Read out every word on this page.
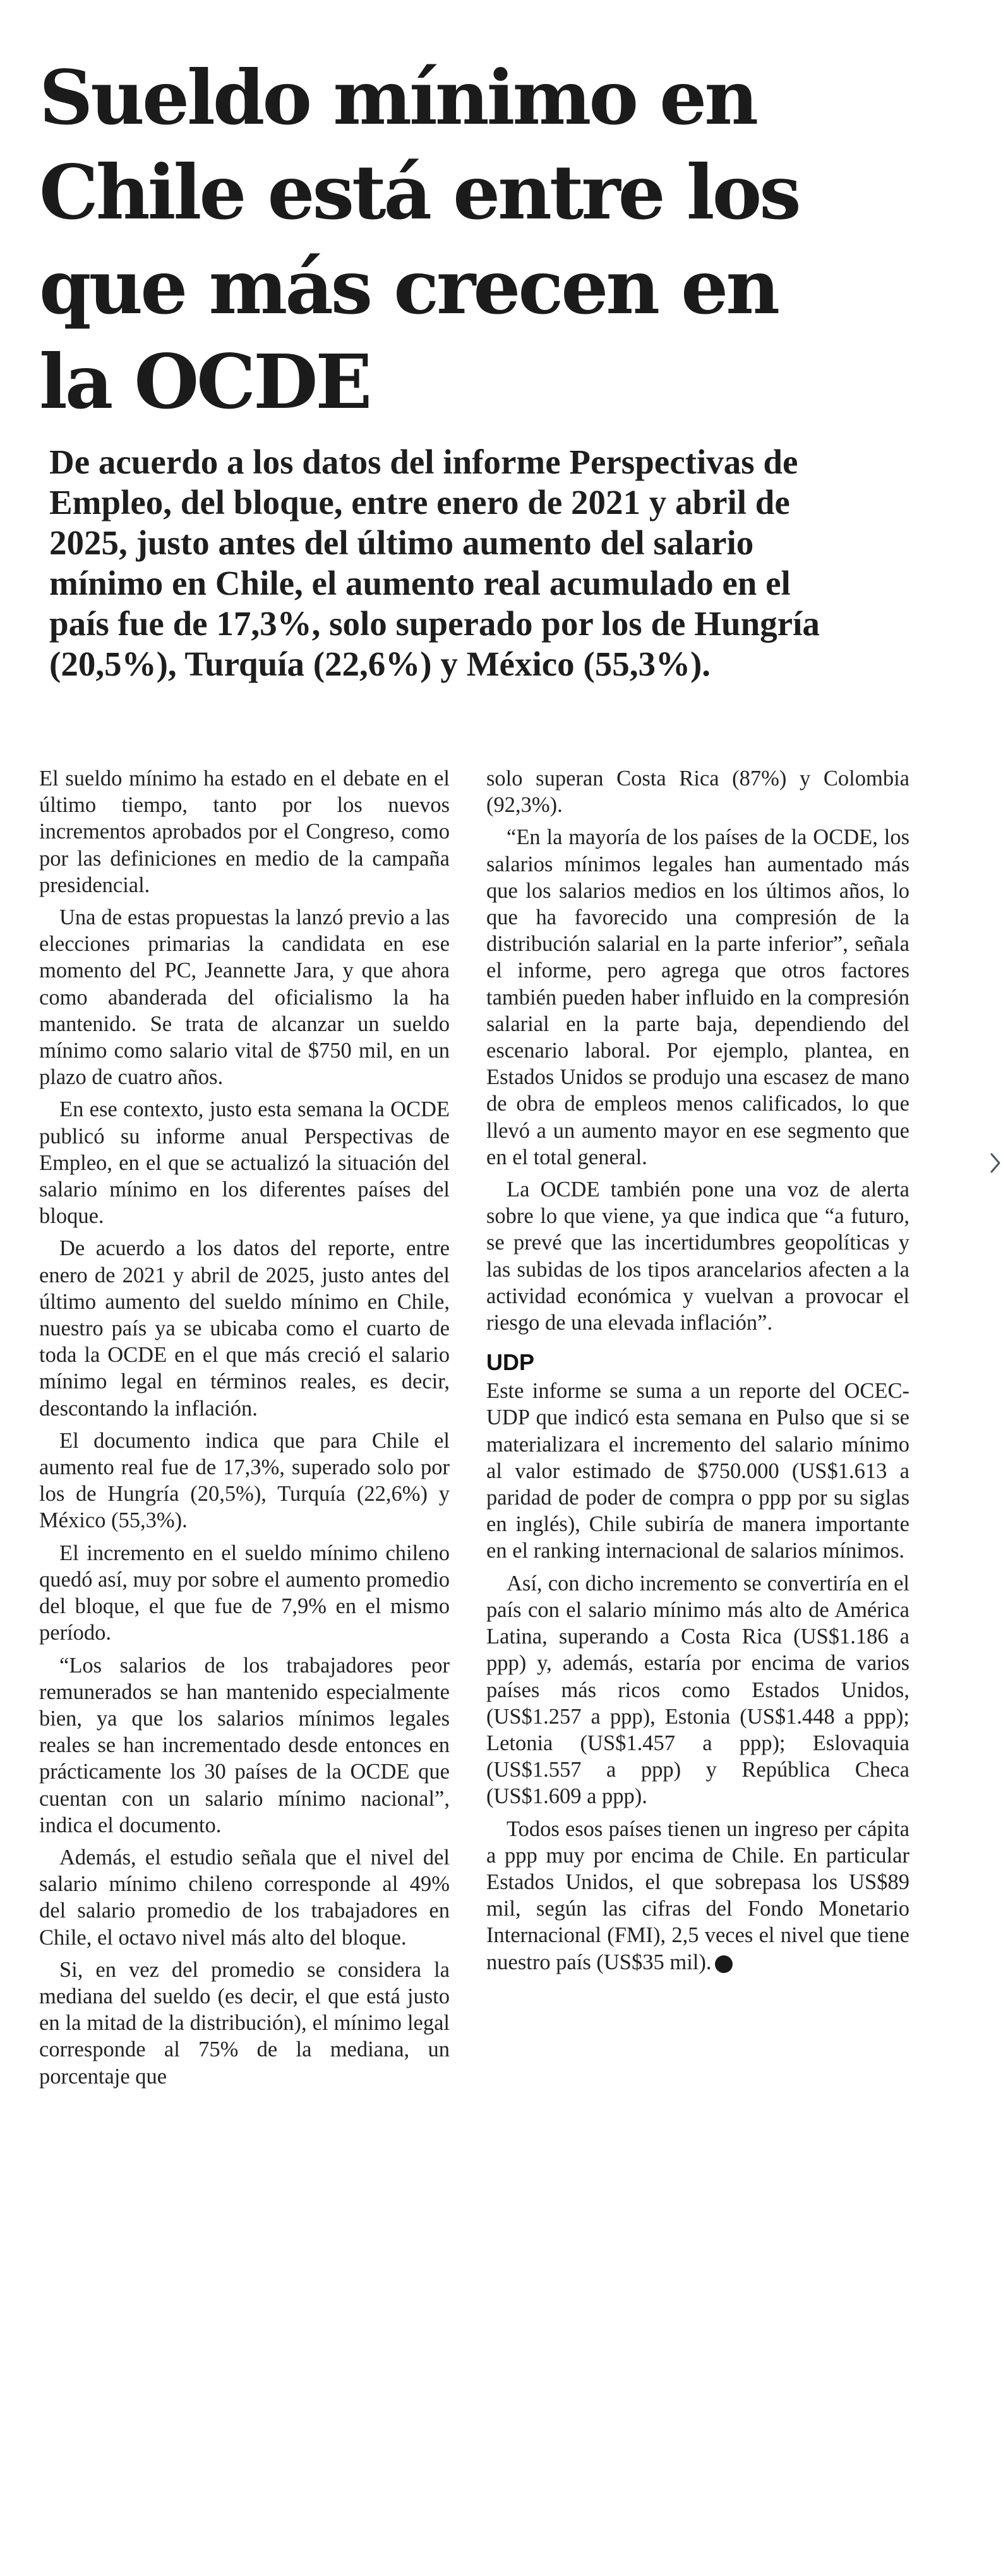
Sueldo mínimo en
Chile está entre los
que más crecen en
la OCDE

De acuerdo a los datos del informe Perspectivas de
Empleo, del bloque, entre enero de 2021 y abril de
2025, justo antes del último aumento del salario
mínimo en Chile, el aumento real acumulado en el
país fue de 17,3%, solo superado por los de Hungría
(20,5%), Turquía (22,6%) y México (55,3%).

El sueldo mínimo ha estado en el debate en el último tiempo, tanto por los nuevos incrementos aprobados por el Congreso, como por las definiciones en medio de la campaña presidencial.

Una de estas propuestas la lanzó previo a las elecciones primarias la candidata en ese momento del PC, Jeannette Jara, y que ahora como abanderada del oficialismo la ha mantenido. Se trata de alcanzar un sueldo mínimo como salario vital de $750 mil, en un plazo de cuatro años.

En ese contexto, justo esta semana la OCDE publicó su informe anual Perspectivas de Empleo, en el que se actualizó la situación del salario mínimo en los diferentes países del bloque.

De acuerdo a los datos del reporte, entre enero de 2021 y abril de 2025, justo antes del último aumento del sueldo mínimo en Chile, nuestro país ya se ubicaba como el cuarto de toda la OCDE en el que más creció el salario mínimo legal en términos reales, es decir, descontando la inflación.

El documento indica que para Chile el aumento real fue de 17,3%, superado solo por los de Hungría (20,5%), Turquía (22,6%) y México (55,3%).

El incremento en el sueldo mínimo chileno quedó así, muy por sobre el aumento promedio del bloque, el que fue de 7,9% en el mismo período.

“Los salarios de los trabajadores peor remunerados se han mantenido especialmente bien, ya que los salarios mínimos legales reales se han incrementado desde entonces en prácticamente los 30 países de la OCDE que cuentan con un salario mínimo nacional”, indica el documento.

Además, el estudio señala que el nivel del salario mínimo chileno corresponde al 49% del salario promedio de los trabajadores en Chile, el octavo nivel más alto del bloque.

Si, en vez del promedio se considera la mediana del sueldo (es decir, el que está justo en la mitad de la distribución), el mínimo legal corresponde al 75% de la mediana, un porcentaje que

solo superan Costa Rica (87%) y Colombia (92,3%).

“En la mayoría de los países de la OCDE, los salarios mínimos legales han aumentado más que los salarios medios en los últimos años, lo que ha favorecido una compresión de la distribución salarial en la parte inferior”, señala el informe, pero agrega que otros factores también pueden haber influido en la compresión salarial en la parte baja, dependiendo del escenario laboral. Por ejemplo, plantea, en Estados Unidos se produjo una escasez de mano de obra de empleos menos calificados, lo que llevó a un aumento mayor en ese segmento que en el total general.

La OCDE también pone una voz de alerta sobre lo que viene, ya que indica que “a futuro, se prevé que las incertidumbres geopolíticas y las subidas de los tipos arancelarios afecten a la actividad económica y vuelvan a provocar el riesgo de una elevada inflación”.

UDP

Este informe se suma a un reporte del OCEC-UDP que indicó esta semana en Pulso que si se materializara el incremento del salario mínimo al valor estimado de $750.000 (US$1.613 a paridad de poder de compra o ppp por su siglas en inglés), Chile subiría de manera importante en el ranking internacional de salarios mínimos.

Así, con dicho incremento se convertiría en el país con el salario mínimo más alto de América Latina, superando a Costa Rica (US$1.186 a ppp) y, además, estaría por encima de varios países más ricos como Estados Unidos, (US$1.257 a ppp), Estonia (US$1.448 a ppp); Letonia (US$1.457 a ppp); Eslovaquia (US$1.557 a ppp) y República Checa (US$1.609 a ppp).

Todos esos países tienen un ingreso per cápita a ppp muy por encima de Chile. En particular Estados Unidos, el que sobrepasa los US$89 mil, según las cifras del Fondo Monetario Internacional (FMI), 2,5 veces el nivel que tiene nuestro país (US$35 mil). P
